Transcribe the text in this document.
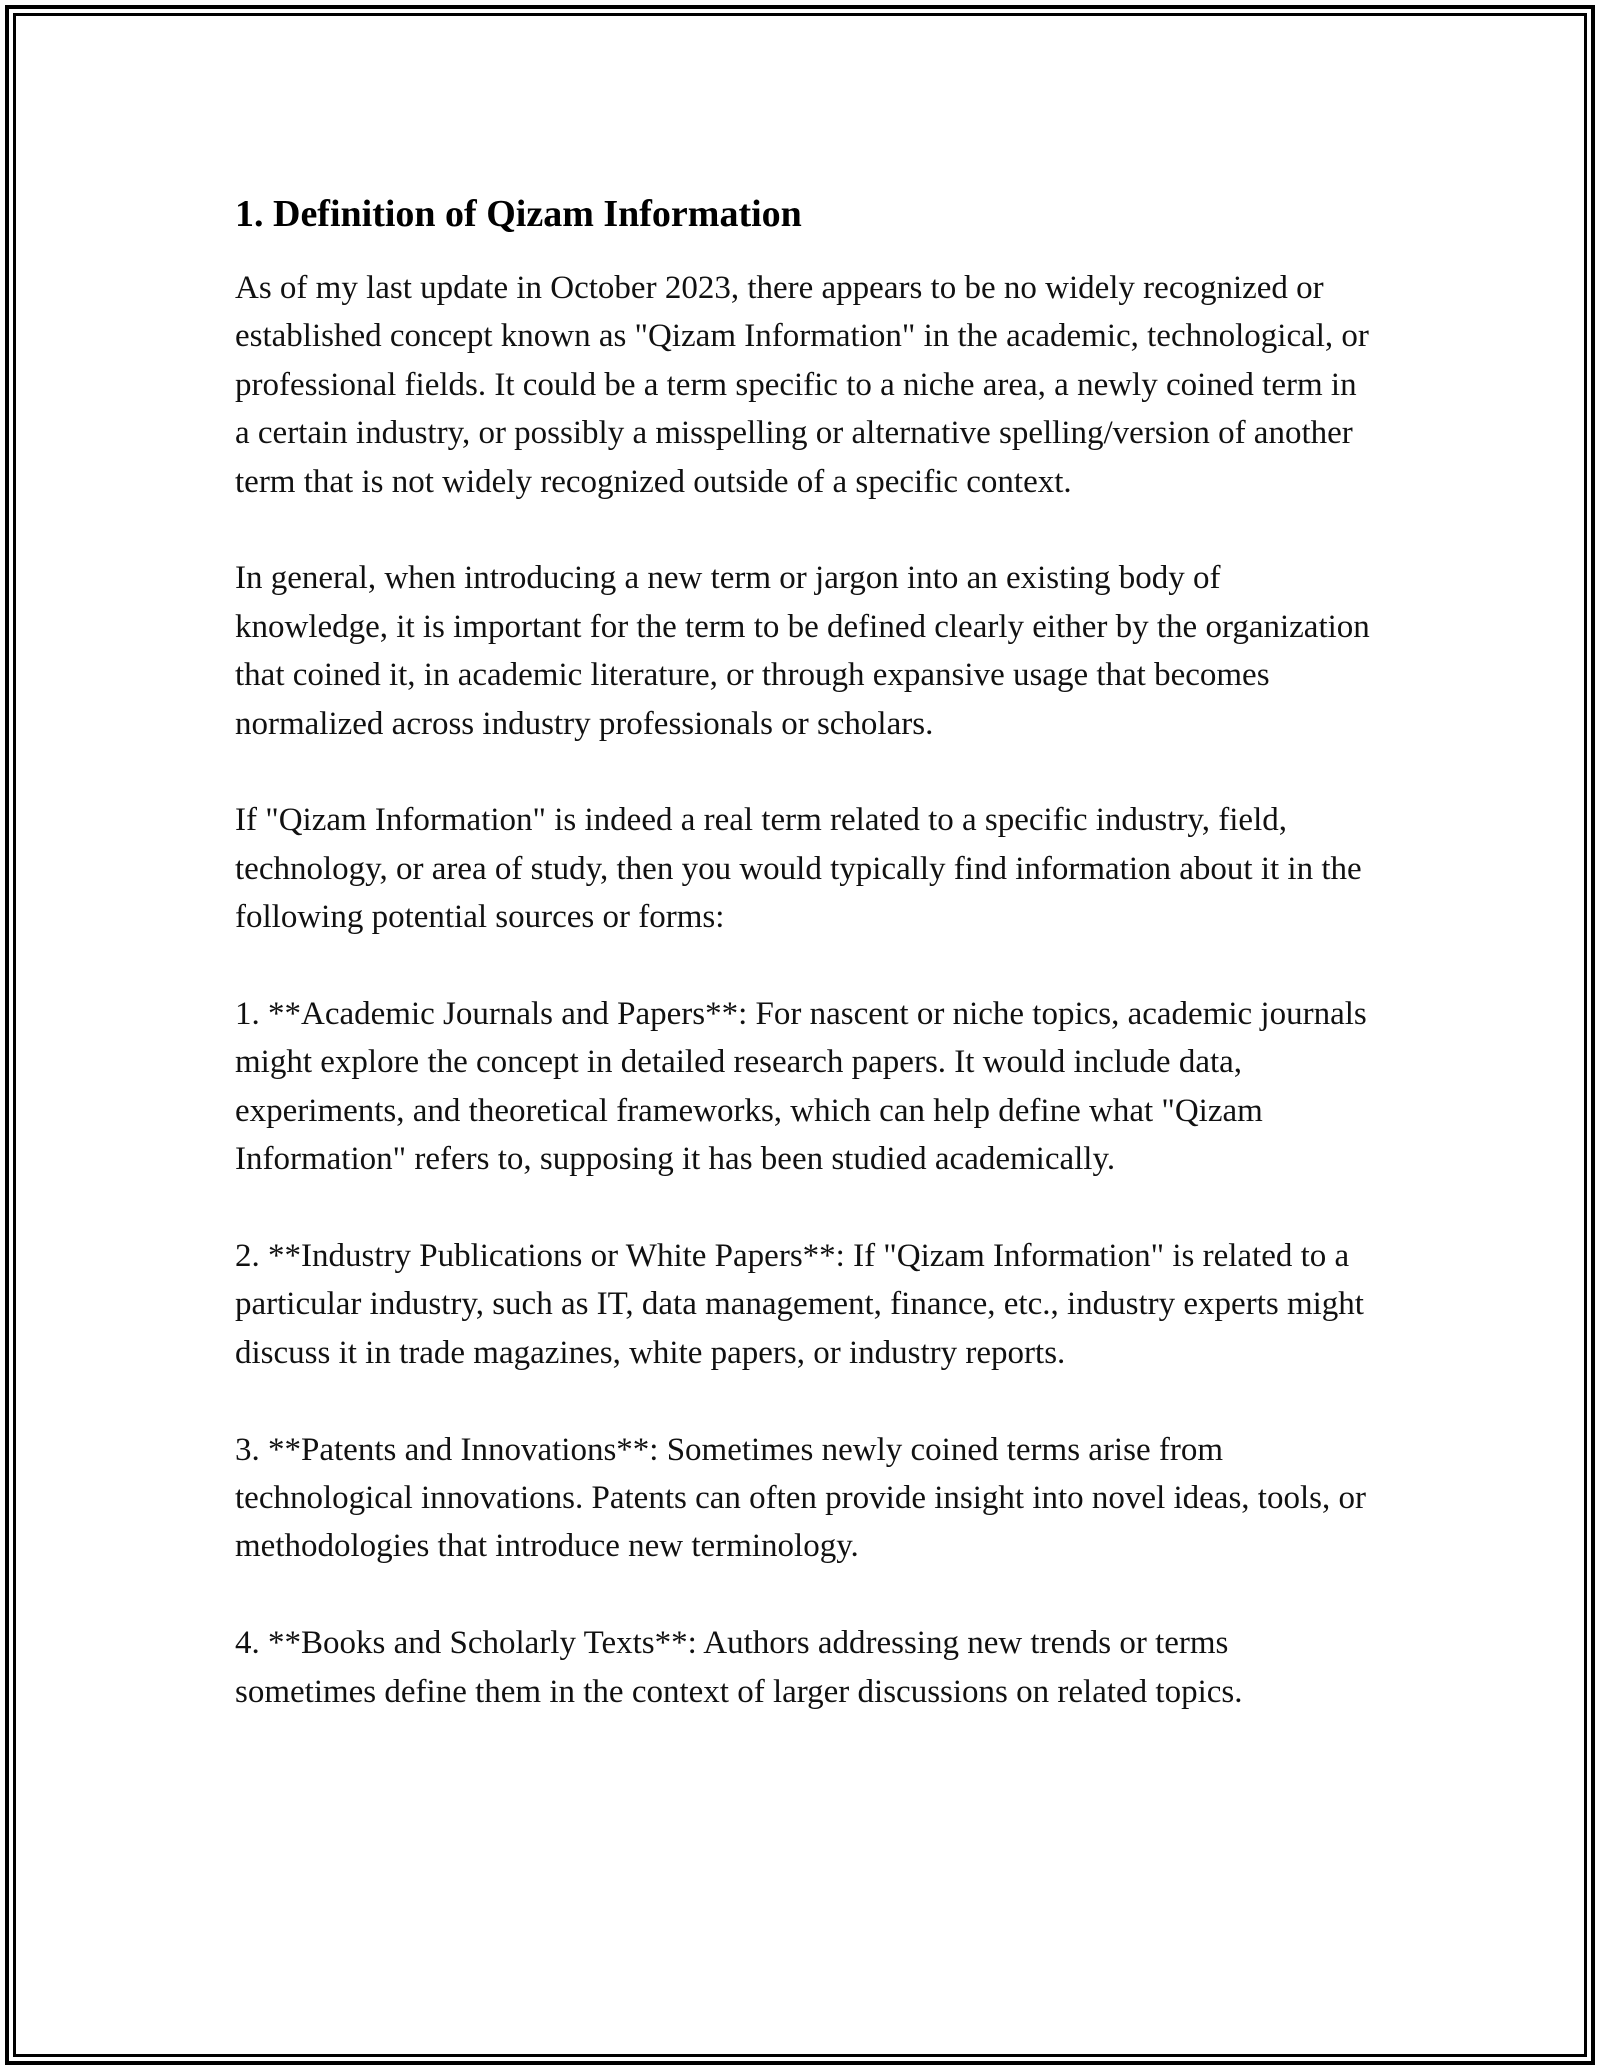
1. Definition of Qizam Information

As of my last update in October 2023, there appears to be no widely recognized or established concept known as "Qizam Information" in the academic, technological, or professional fields. It could be a term specific to a niche area, a newly coined term in a certain industry, or possibly a misspelling or alternative spelling/version of another term that is not widely recognized outside of a specific context.

In general, when introducing a new term or jargon into an existing body of knowledge, it is important for the term to be defined clearly either by the organization that coined it, in academic literature, or through expansive usage that becomes normalized across industry professionals or scholars.

If "Qizam Information" is indeed a real term related to a specific industry, field, technology, or area of study, then you would typically find information about it in the following potential sources or forms:

1. **Academic Journals and Papers**: For nascent or niche topics, academic journals might explore the concept in detailed research papers. It would include data, experiments, and theoretical frameworks, which can help define what "Qizam Information" refers to, supposing it has been studied academically.

2. **Industry Publications or White Papers**: If "Qizam Information" is related to a particular industry, such as IT, data management, finance, etc., industry experts might discuss it in trade magazines, white papers, or industry reports.

3. **Patents and Innovations**: Sometimes newly coined terms arise from technological innovations. Patents can often provide insight into novel ideas, tools, or methodologies that introduce new terminology.

4. **Books and Scholarly Texts**: Authors addressing new trends or terms sometimes define them in the context of larger discussions on related topics.
